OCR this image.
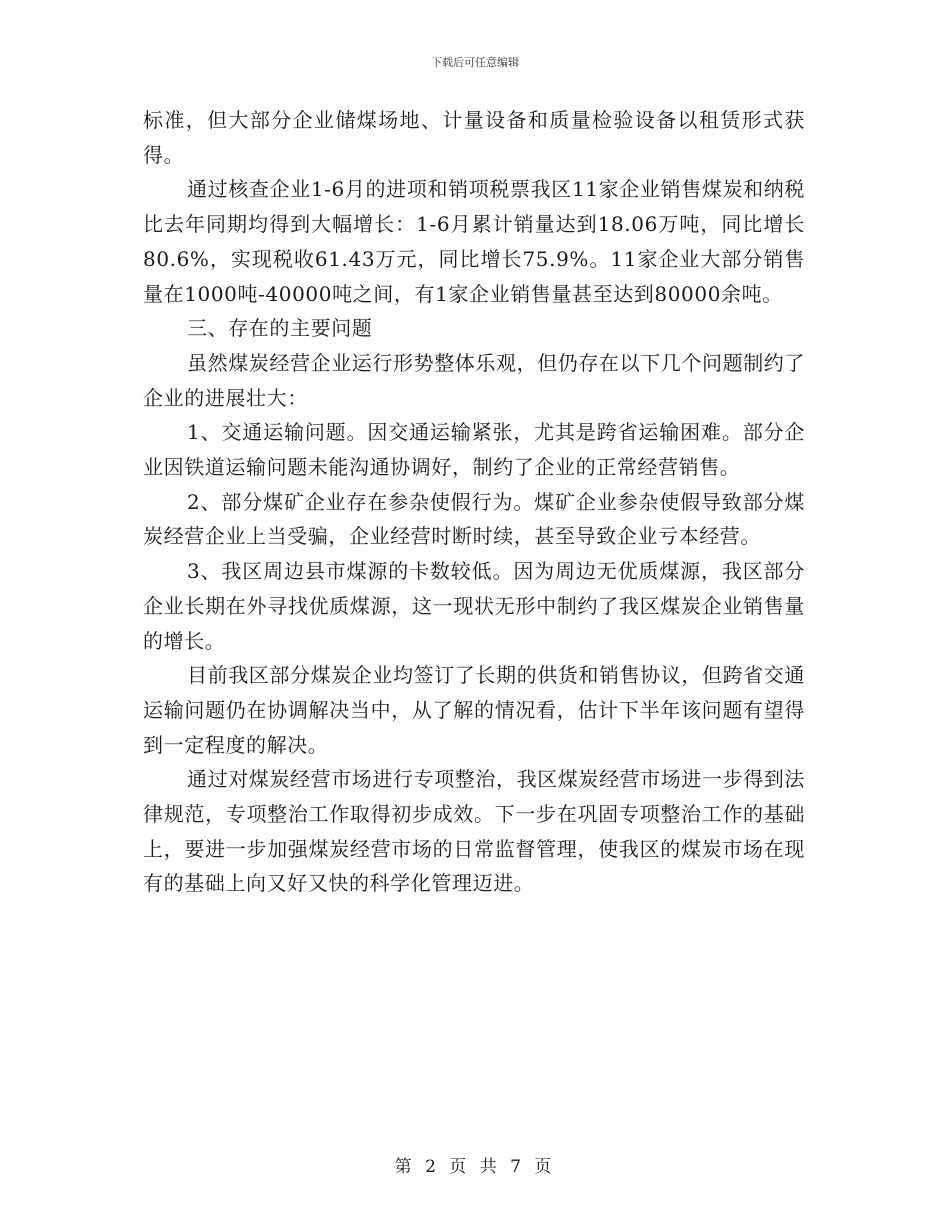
下载后可任意编辑

标准，但大部分企业储煤场地、计量设备和质量检验设备以租赁形式获得。

通过核查企业1-6月的进项和销项税票我区11家企业销售煤炭和纳税比去年同期均得到大幅增长：1-6月累计销量达到18.06万吨，同比增长80.6%，实现税收61.43万元，同比增长75.9%。11家企业大部分销售量在1000吨-40000吨之间，有1家企业销售量甚至达到80000余吨。

三、存在的主要问题

虽然煤炭经营企业运行形势整体乐观，但仍存在以下几个问题制约了企业的进展壮大：

1、交通运输问题。因交通运输紧张，尤其是跨省运输困难。部分企业因铁道运输问题未能沟通协调好，制约了企业的正常经营销售。

2、部分煤矿企业存在参杂使假行为。煤矿企业参杂使假导致部分煤炭经营企业上当受骗，企业经营时断时续，甚至导致企业亏本经营。

3、我区周边县市煤源的卡数较低。因为周边无优质煤源，我区部分企业长期在外寻找优质煤源，这一现状无形中制约了我区煤炭企业销售量的增长。

目前我区部分煤炭企业均签订了长期的供货和销售协议，但跨省交通运输问题仍在协调解决当中，从了解的情况看，估计下半年该问题有望得到一定程度的解决。

通过对煤炭经营市场进行专项整治，我区煤炭经营市场进一步得到法律规范，专项整治工作取得初步成效。下一步在巩固专项整治工作的基础上，要进一步加强煤炭经营市场的日常监督管理，使我区的煤炭市场在现有的基础上向又好又快的科学化管理迈进。

第 2 页 共 7 页
